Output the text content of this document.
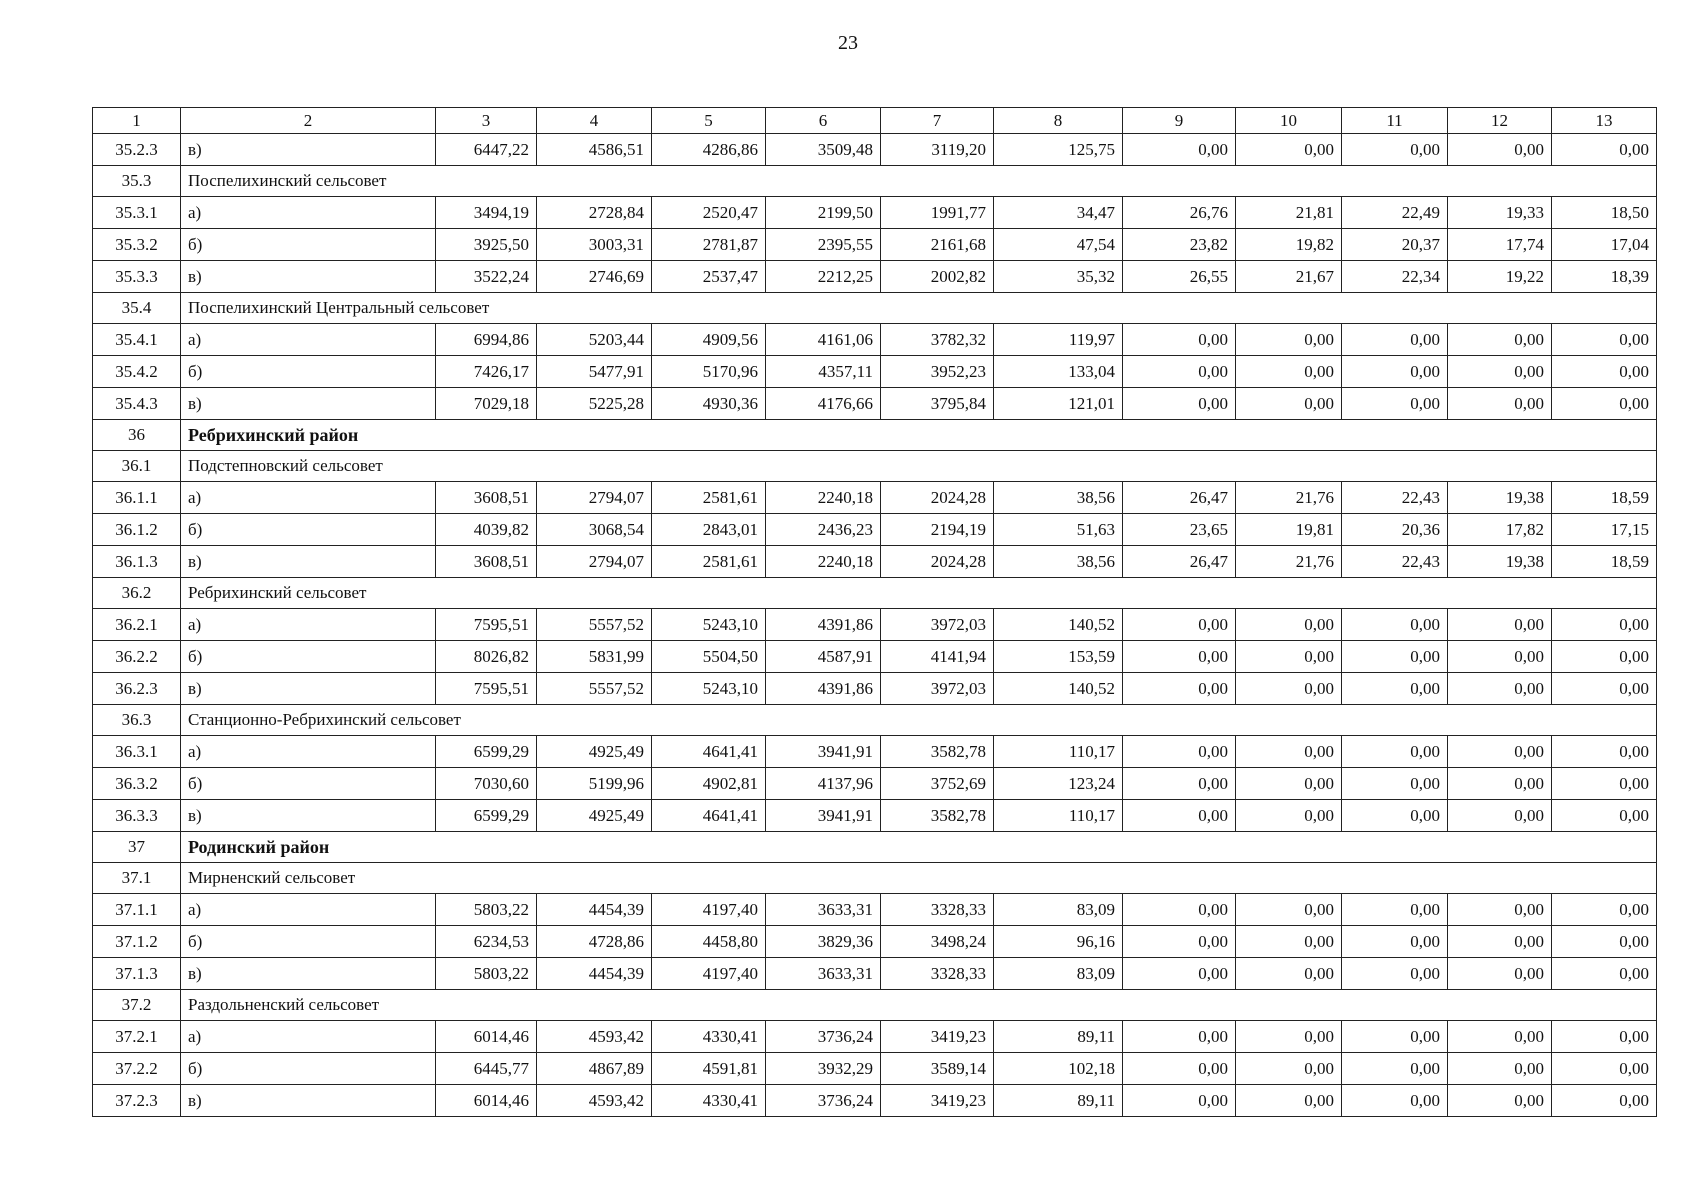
23
1	2	3	4	5	6	7	8	9	10	11	12	13
35.2.3	в)	6447,22	4586,51	4286,86	3509,48	3119,20	125,75	0,00	0,00	0,00	0,00	0,00
35.3	Поспелихинский сельсовет											
35.3.1	а)	3494,19	2728,84	2520,47	2199,50	1991,77	34,47	26,76	21,81	22,49	19,33	18,50
35.3.2	б)	3925,50	3003,31	2781,87	2395,55	2161,68	47,54	23,82	19,82	20,37	17,74	17,04
35.3.3	в)	3522,24	2746,69	2537,47	2212,25	2002,82	35,32	26,55	21,67	22,34	19,22	18,39
35.4	Поспелихинский Центральный сельсовет											
35.4.1	а)	6994,86	5203,44	4909,56	4161,06	3782,32	119,97	0,00	0,00	0,00	0,00	0,00
35.4.2	б)	7426,17	5477,91	5170,96	4357,11	3952,23	133,04	0,00	0,00	0,00	0,00	0,00
35.4.3	в)	7029,18	5225,28	4930,36	4176,66	3795,84	121,01	0,00	0,00	0,00	0,00	0,00
36	Ребрихинский район											
36.1	Подстепновский сельсовет											
36.1.1	а)	3608,51	2794,07	2581,61	2240,18	2024,28	38,56	26,47	21,76	22,43	19,38	18,59
36.1.2	б)	4039,82	3068,54	2843,01	2436,23	2194,19	51,63	23,65	19,81	20,36	17,82	17,15
36.1.3	в)	3608,51	2794,07	2581,61	2240,18	2024,28	38,56	26,47	21,76	22,43	19,38	18,59
36.2	Ребрихинский сельсовет											
36.2.1	а)	7595,51	5557,52	5243,10	4391,86	3972,03	140,52	0,00	0,00	0,00	0,00	0,00
36.2.2	б)	8026,82	5831,99	5504,50	4587,91	4141,94	153,59	0,00	0,00	0,00	0,00	0,00
36.2.3	в)	7595,51	5557,52	5243,10	4391,86	3972,03	140,52	0,00	0,00	0,00	0,00	0,00
36.3	Станционно-Ребрихинский сельсовет											
36.3.1	а)	6599,29	4925,49	4641,41	3941,91	3582,78	110,17	0,00	0,00	0,00	0,00	0,00
36.3.2	б)	7030,60	5199,96	4902,81	4137,96	3752,69	123,24	0,00	0,00	0,00	0,00	0,00
36.3.3	в)	6599,29	4925,49	4641,41	3941,91	3582,78	110,17	0,00	0,00	0,00	0,00	0,00
37	Родинский район											
37.1	Мирненский сельсовет											
37.1.1	а)	5803,22	4454,39	4197,40	3633,31	3328,33	83,09	0,00	0,00	0,00	0,00	0,00
37.1.2	б)	6234,53	4728,86	4458,80	3829,36	3498,24	96,16	0,00	0,00	0,00	0,00	0,00
37.1.3	в)	5803,22	4454,39	4197,40	3633,31	3328,33	83,09	0,00	0,00	0,00	0,00	0,00
37.2	Раздольненский сельсовет											
37.2.1	а)	6014,46	4593,42	4330,41	3736,24	3419,23	89,11	0,00	0,00	0,00	0,00	0,00
37.2.2	б)	6445,77	4867,89	4591,81	3932,29	3589,14	102,18	0,00	0,00	0,00	0,00	0,00
37.2.3	в)	6014,46	4593,42	4330,41	3736,24	3419,23	89,11	0,00	0,00	0,00	0,00	0,00
